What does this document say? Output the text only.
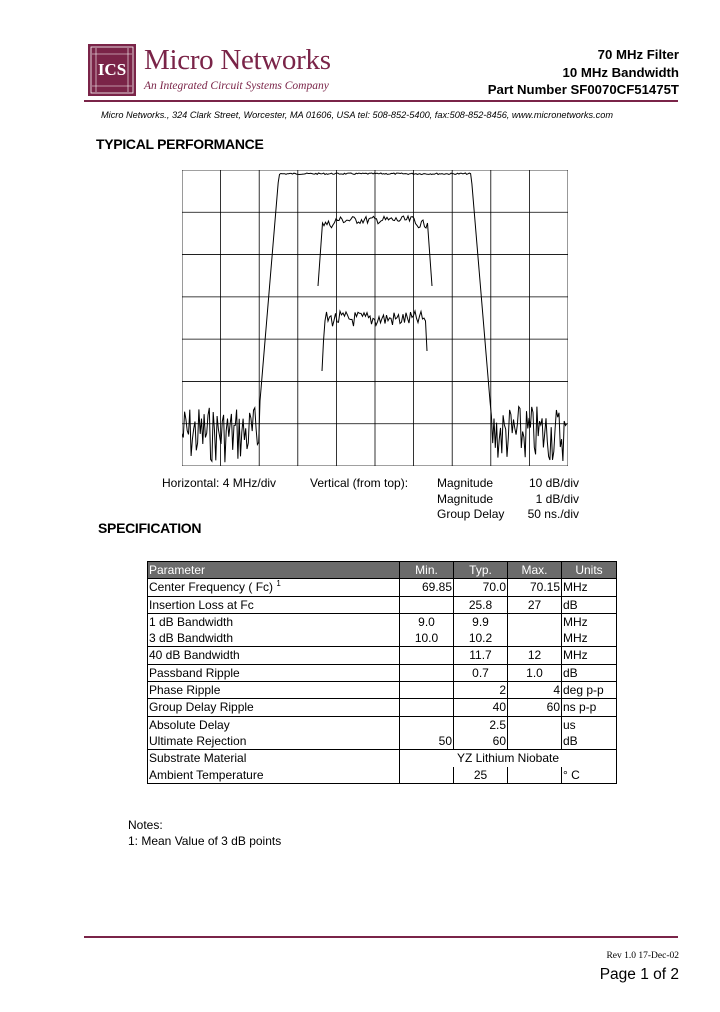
ICS Micro Networks
An Integrated Circuit Systems Company
70 MHz Filter
10 MHz Bandwidth
Part Number SF0070CF51475T
Micro Networks., 324 Clark Street, Worcester, MA 01606, USA tel: 508-852-5400, fax:508-852-8456, www.micronetworks.com
TYPICAL PERFORMANCE
Horizontal: 4 MHz/div	Vertical (from top): Magnitude
Magnitude
Group Delay
10 dB/div
1 dB/div
50 ns./div
SPECIFICATION
Parameter	Min.	Typ.	Max.	Units
Center Frequency ( Fc) $^1$	69.85	70.0	70.15	MHz
Insertion Loss at Fc		25.8	27	dB
1 dB Bandwidth	9.0	9.9		MHz
3 dB Bandwidth	10.0	10.2		MHz
40 dB Bandwidth		11.7	12	MHz
Passband Ripple		0.7	1.0	dB
Phase Ripple		2	4	deg p-p
Group Delay Ripple		40	60	ns p-p
Absolute Delay		2.5		us
Ultimate Rejection	50	60		dB
Substrate Material	YZ Lithium Niobate			
Ambient Temperature		25		° C
Notes:
1: Mean Value of 3 dB points
Rev 1.0 17-Dec-02
Page 1 of 2
